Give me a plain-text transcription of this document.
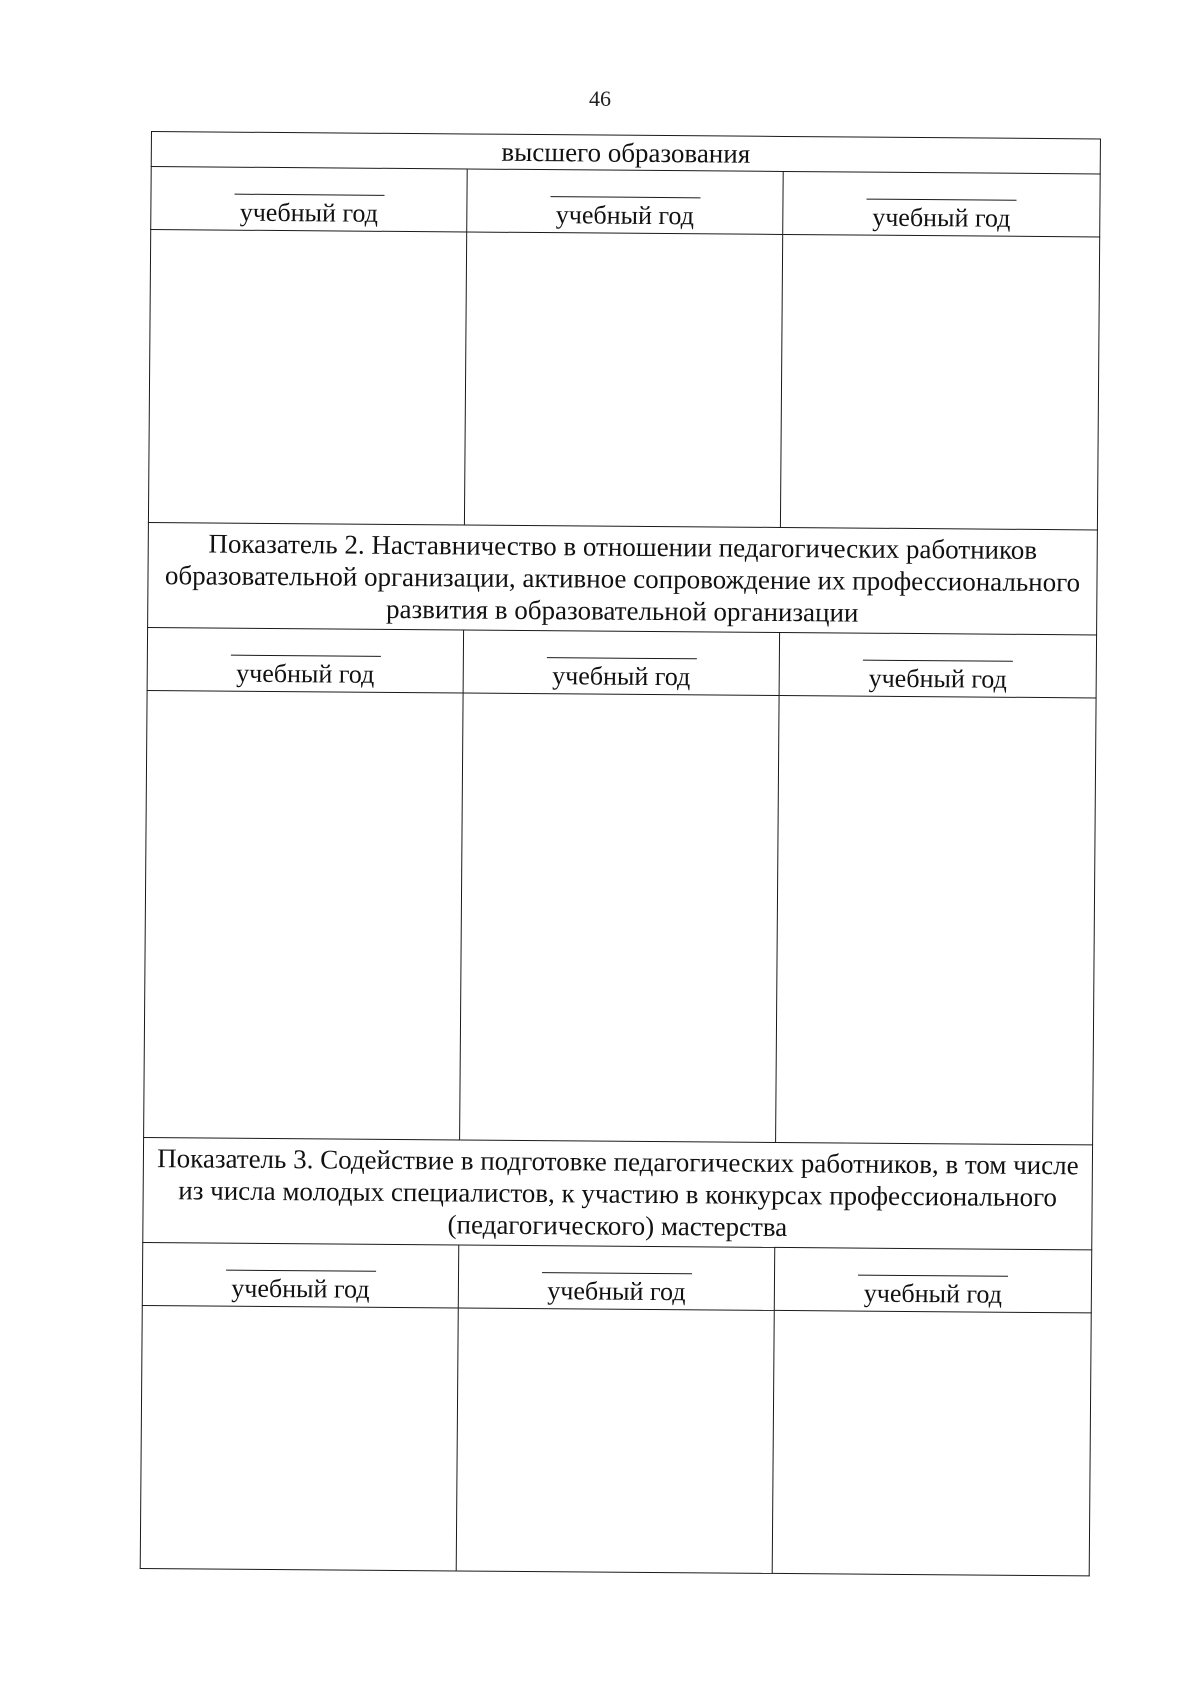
46
высшего образования		

учебный год	учебный год	учебный год

Показатель 2. Наставничество в отношении педагогических работников образовательной организации, активное сопровождение их профессионального развития в образовательной организации		

учебный год	учебный год	учебный год

Показатель 3. Содействие в подготовке педагогических работников, в том числе из числа молодых специалистов, к участию в конкурсах профессионального (педагогического) мастерства		

учебный год	учебный год	учебный год
